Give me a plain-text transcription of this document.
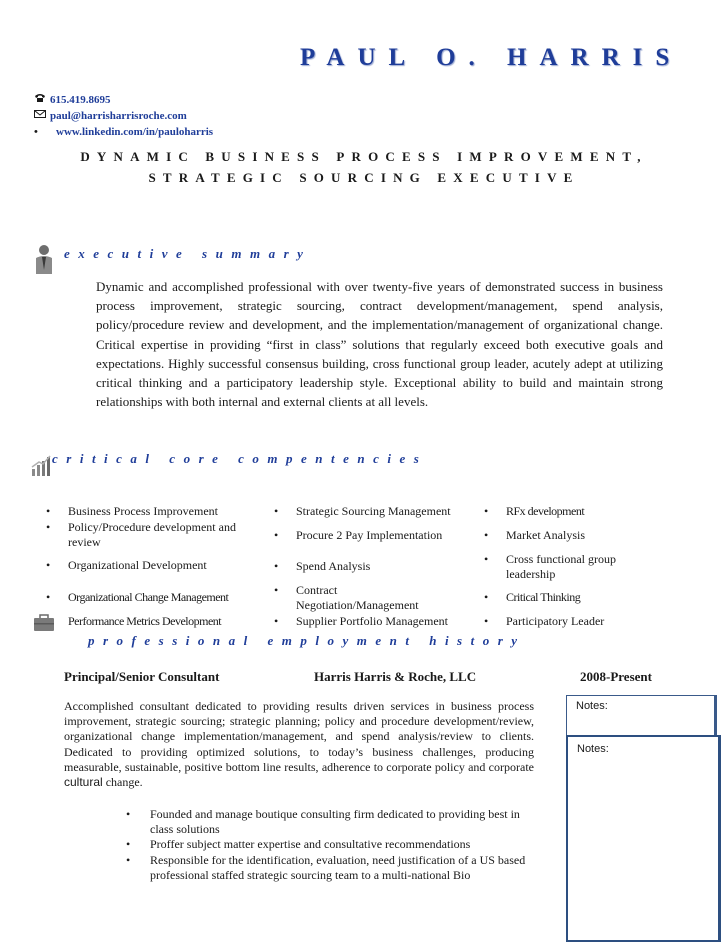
PAUL O. HARRIS
615.419.8695
paul@harrisharrisroche.com
•	www.linkedin.com/in/pauloharris
DYNAMIC BUSINESS PROCESS IMPROVEMENT,
STRATEGIC SOURCING EXECUTIVE
executive summary
Dynamic and accomplished professional with over twenty-five years of demonstrated success in business process improvement, strategic sourcing, contract development/management, spend analysis, policy/procedure review and development, and the implementation/management of organizational change. Critical expertise in providing “first in class” solutions that regularly exceed both executive goals and expectations. Highly successful consensus building, cross functional group leader, acutely adept at utilizing critical thinking and a participatory leadership style. Exceptional ability to build and maintain strong relationships with both internal and external clients at all levels.
critical core compentencies
•	Business Process Improvement
•	Policy/Procedure development and review
•	Organizational Development
•	Organizational Change Management
Performance Metrics Development
•	Strategic Sourcing Management
•	Procure 2 Pay Implementation
•	Spend Analysis
•	Contract Negotiation/Management
•	Supplier Portfolio Management
•	RFx development
•	Market Analysis
•	Cross functional group leadership
•	Critical Thinking
•	Participatory Leader
professional employment history
Principal/Senior Consultant	Harris Harris & Roche, LLC	2008-Present
Accomplished consultant dedicated to providing results driven services in business process improvement, strategic sourcing; strategic planning; policy and procedure development/review, organizational change implementation/management, and spend analysis/review to clients. Dedicated to providing optimized solutions, to today’s business challenges, producing measurable, sustainable, positive bottom line results, adherence to corporate policy and corporate cultural change.
•	Founded and manage boutique consulting firm dedicated to providing best in class solutions
•	Proffer subject matter expertise and consultative recommendations
•	Responsible for the identification, evaluation, need justification of a US based professional staffed strategic sourcing team to a multi-national Bio
Notes:
Notes:
